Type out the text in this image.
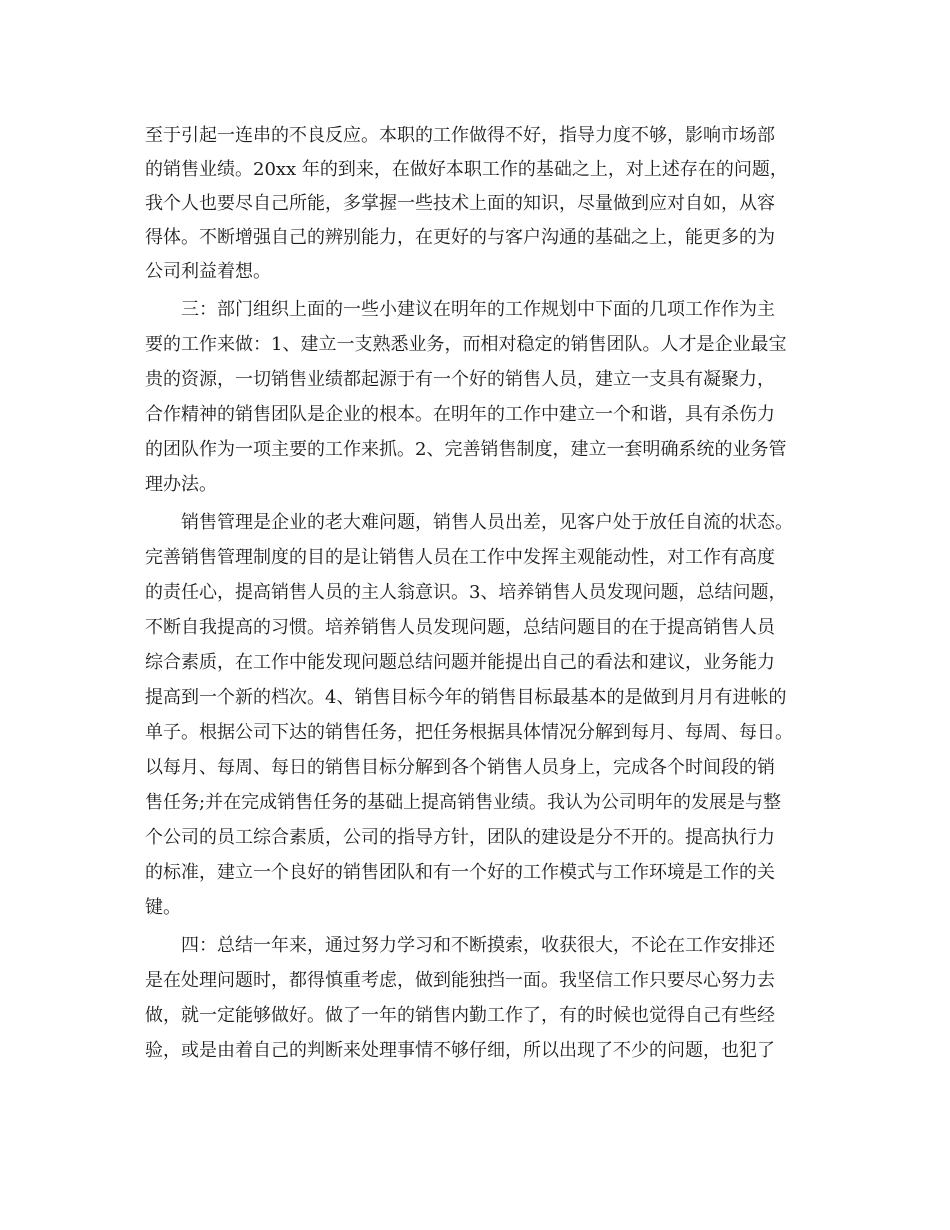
至于引起一连串的不良反应。本职的工作做得不好，指导力度不够，影响市场部
的销售业绩。20xx 年的到来，在做好本职工作的基础之上，对上述存在的问题，
我个人也要尽自己所能，多掌握一些技术上面的知识，尽量做到应对自如，从容
得体。不断增强自己的辨别能力，在更好的与客户沟通的基础之上，能更多的为
公司利益着想。
三：部门组织上面的一些小建议在明年的工作规划中下面的几项工作作为主
要的工作来做：1、建立一支熟悉业务，而相对稳定的销售团队。人才是企业最宝
贵的资源，一切销售业绩都起源于有一个好的销售人员，建立一支具有凝聚力，
合作精神的销售团队是企业的根本。在明年的工作中建立一个和谐，具有杀伤力
的团队作为一项主要的工作来抓。2、完善销售制度，建立一套明确系统的业务管
理办法。
销售管理是企业的老大难问题，销售人员出差，见客户处于放任自流的状态。
完善销售管理制度的目的是让销售人员在工作中发挥主观能动性，对工作有高度
的责任心，提高销售人员的主人翁意识。3、培养销售人员发现问题，总结问题，
不断自我提高的习惯。培养销售人员发现问题，总结问题目的在于提高销售人员
综合素质，在工作中能发现问题总结问题并能提出自己的看法和建议，业务能力
提高到一个新的档次。4、销售目标今年的销售目标最基本的是做到月月有进帐的
单子。根据公司下达的销售任务，把任务根据具体情况分解到每月、每周、每日。
以每月、每周、每日的销售目标分解到各个销售人员身上，完成各个时间段的销
售任务;并在完成销售任务的基础上提高销售业绩。我认为公司明年的发展是与整
个公司的员工综合素质，公司的指导方针，团队的建设是分不开的。提高执行力
的标准，建立一个良好的销售团队和有一个好的工作模式与工作环境是工作的关
键。
四：总结一年来，通过努力学习和不断摸索，收获很大，不论在工作安排还
是在处理问题时，都得慎重考虑，做到能独挡一面。我坚信工作只要尽心努力去
做，就一定能够做好。做了一年的销售内勤工作了，有的时候也觉得自己有些经
验，或是由着自己的判断来处理事情不够仔细，所以出现了不少的问题，也犯了
